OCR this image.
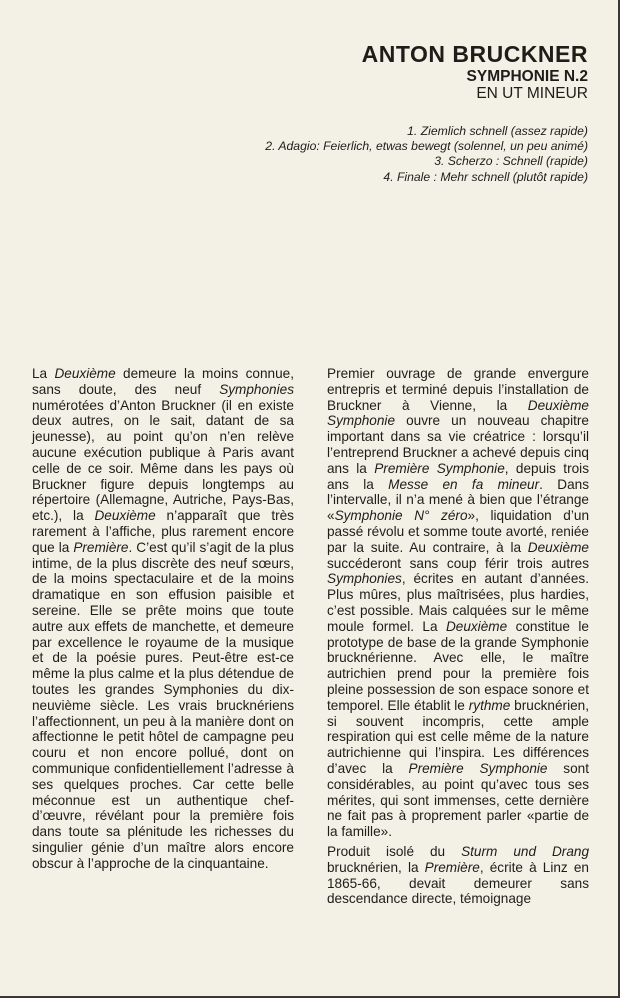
ANTON BRUCKNER
SYMPHONIE N.2
EN UT MINEUR
1. Ziemlich schnell (assez rapide)
2. Adagio: Feierlich, etwas bewegt (solennel, un peu animé)
3. Scherzo : Schnell (rapide)
4. Finale : Mehr schnell (plutôt rapide)

La Deuxième demeure la moins connue, sans doute, des neuf Symphonies numérotées d’Anton Bruckner (il en existe deux autres, on le sait, datant de sa jeunesse), au point qu’on n’en relève aucune exécution publique à Paris avant celle de ce soir. Même dans les pays où Bruckner figure depuis longtemps au répertoire (Allemagne, Autriche, Pays-Bas, etc.), la Deuxième n’apparaît que très rarement à l’affiche, plus rarement encore que la Première. C’est qu’il s’agit de la plus intime, de la plus discrète des neuf sœurs, de la moins spectaculaire et de la moins dramatique en son effusion paisible et sereine. Elle se prête moins que toute autre aux effets de manchette, et demeure par excellence le royaume de la musique et de la poésie pures. Peut-être est-ce même la plus calme et la plus détendue de toutes les grandes Symphonies du dix-neuvième siècle. Les vrais brucknériens l’affectionnent, un peu à la manière dont on affectionne le petit hôtel de campagne peu couru et non encore pollué, dont on communique confidentiellement l’adresse à ses quelques proches. Car cette belle méconnue est un authentique chef-d’œuvre, révélant pour la première fois dans toute sa plénitude les richesses du singulier génie d’un maître alors encore obscur à l’approche de la cinquantaine.

Premier ouvrage de grande envergure entrepris et terminé depuis l’installation de Bruckner à Vienne, la Deuxième Symphonie ouvre un nouveau chapitre important dans sa vie créatrice : lorsqu’il l’entreprend Bruckner a achevé depuis cinq ans la Première Symphonie, depuis trois ans la Messe en fa mineur. Dans l’intervalle, il n’a mené à bien que l’étrange «Symphonie N° zéro», liquidation d’un passé révolu et somme toute avorté, reniée par la suite. Au contraire, à la Deuxième succéderont sans coup férir trois autres Symphonies, écrites en autant d’années. Plus mûres, plus maîtrisées, plus hardies, c’est possible. Mais calquées sur le même moule formel. La Deuxième constitue le prototype de base de la grande Symphonie brucknérienne. Avec elle, le maître autrichien prend pour la première fois pleine possession de son espace sonore et temporel. Elle établit le rythme brucknérien, si souvent incompris, cette ample respiration qui est celle même de la nature autrichienne qui l’inspira. Les différences d’avec la Première Symphonie sont considérables, au point qu’avec tous ses mérites, qui sont immenses, cette dernière ne fait pas à proprement parler «partie de la famille».

Produit isolé du Sturm und Drang brucknérien, la Première, écrite à Linz en 1865-66, devait demeurer sans descendance directe, témoignage
